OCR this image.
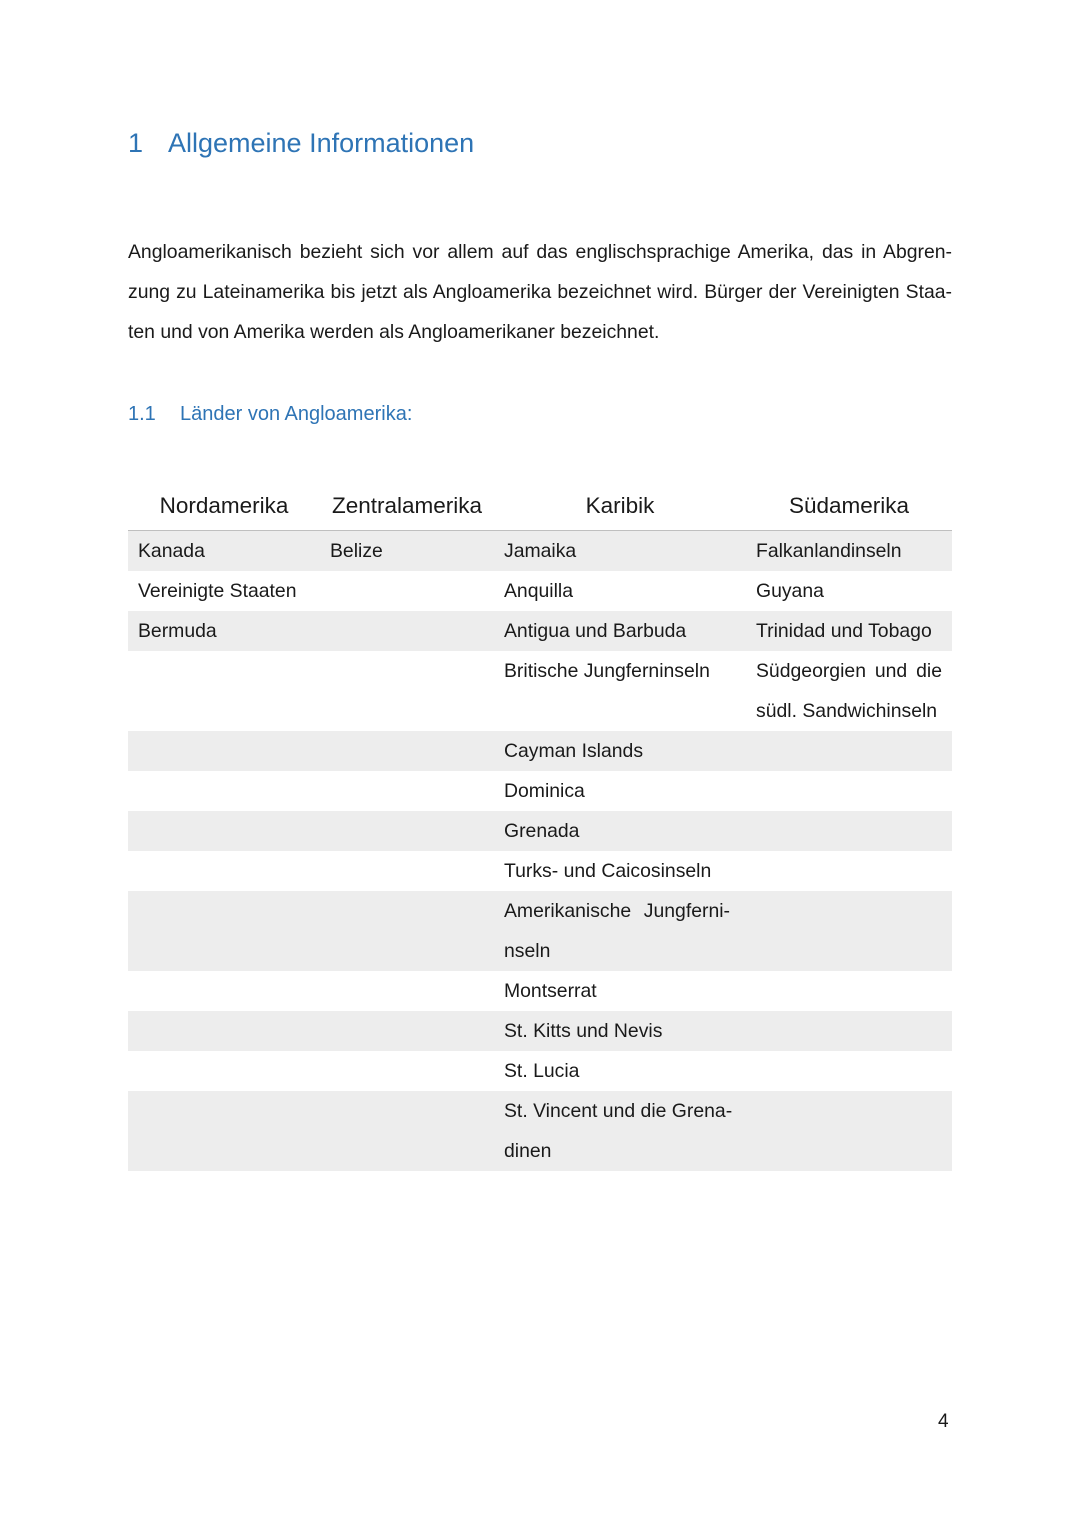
1 Allgemeine Informationen

Angloamerikanisch bezieht sich vor allem auf das englischsprachige Amerika, das in Abgren-
zung zu Lateinamerika bis jetzt als Angloamerika bezeichnet wird. Bürger der Vereinigten Staa-
ten und von Amerika werden als Angloamerikaner bezeichnet.

1.1 Länder von Angloamerika:
Nordamerika	Zentralamerika	Karibik	Südamerika
Kanada	Belize	Jamaika	Falkanlandinseln
Vereinigte Staaten		Anquilla	Guyana
Bermuda		Antigua und Barbuda	Trinidad und Tobago

		Britische Jungferninseln	Südgeorgien und die
südl. Sandwichinseln

		Cayman Islands	
		Dominica	
		Grenada	
		Turks- und Caicosinseln	

		Amerikanische Jungferni-
nseln	

		Montserrat	
		St. Kitts und Nevis	
		St. Lucia	

		St. Vincent und die Grena-
dinen	

4
